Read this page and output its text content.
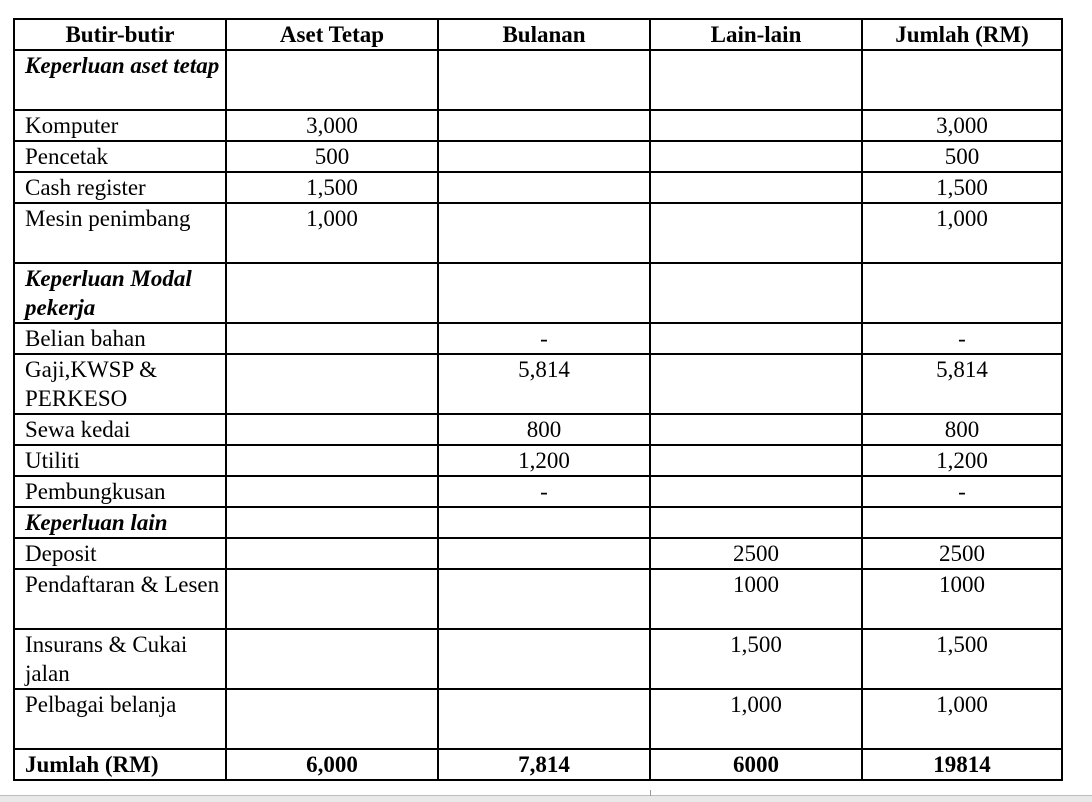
Butir-butir	Aset Tetap	Bulanan	Lain-lain	Jumlah (RM)
Keperluan aset tetap				
Komputer	3,000			3,000
Pencetak	500			500
Cash register	1,500			1,500
Mesin penimbang	1,000			1,000
Keperluan Modal pekerja				
Belian bahan		-		-
Gaji,KWSP & PERKESO		5,814		5,814
Sewa kedai		800		800
Utiliti		1,200		1,200
Pembungkusan		-		-
Keperluan lain				
Deposit			2500	2500
Pendaftaran & Lesen			1000	1000
Insurans & Cukai jalan			1,500	1,500
Pelbagai belanja			1,000	1,000
Jumlah (RM)	6,000	7,814	6000	19814
